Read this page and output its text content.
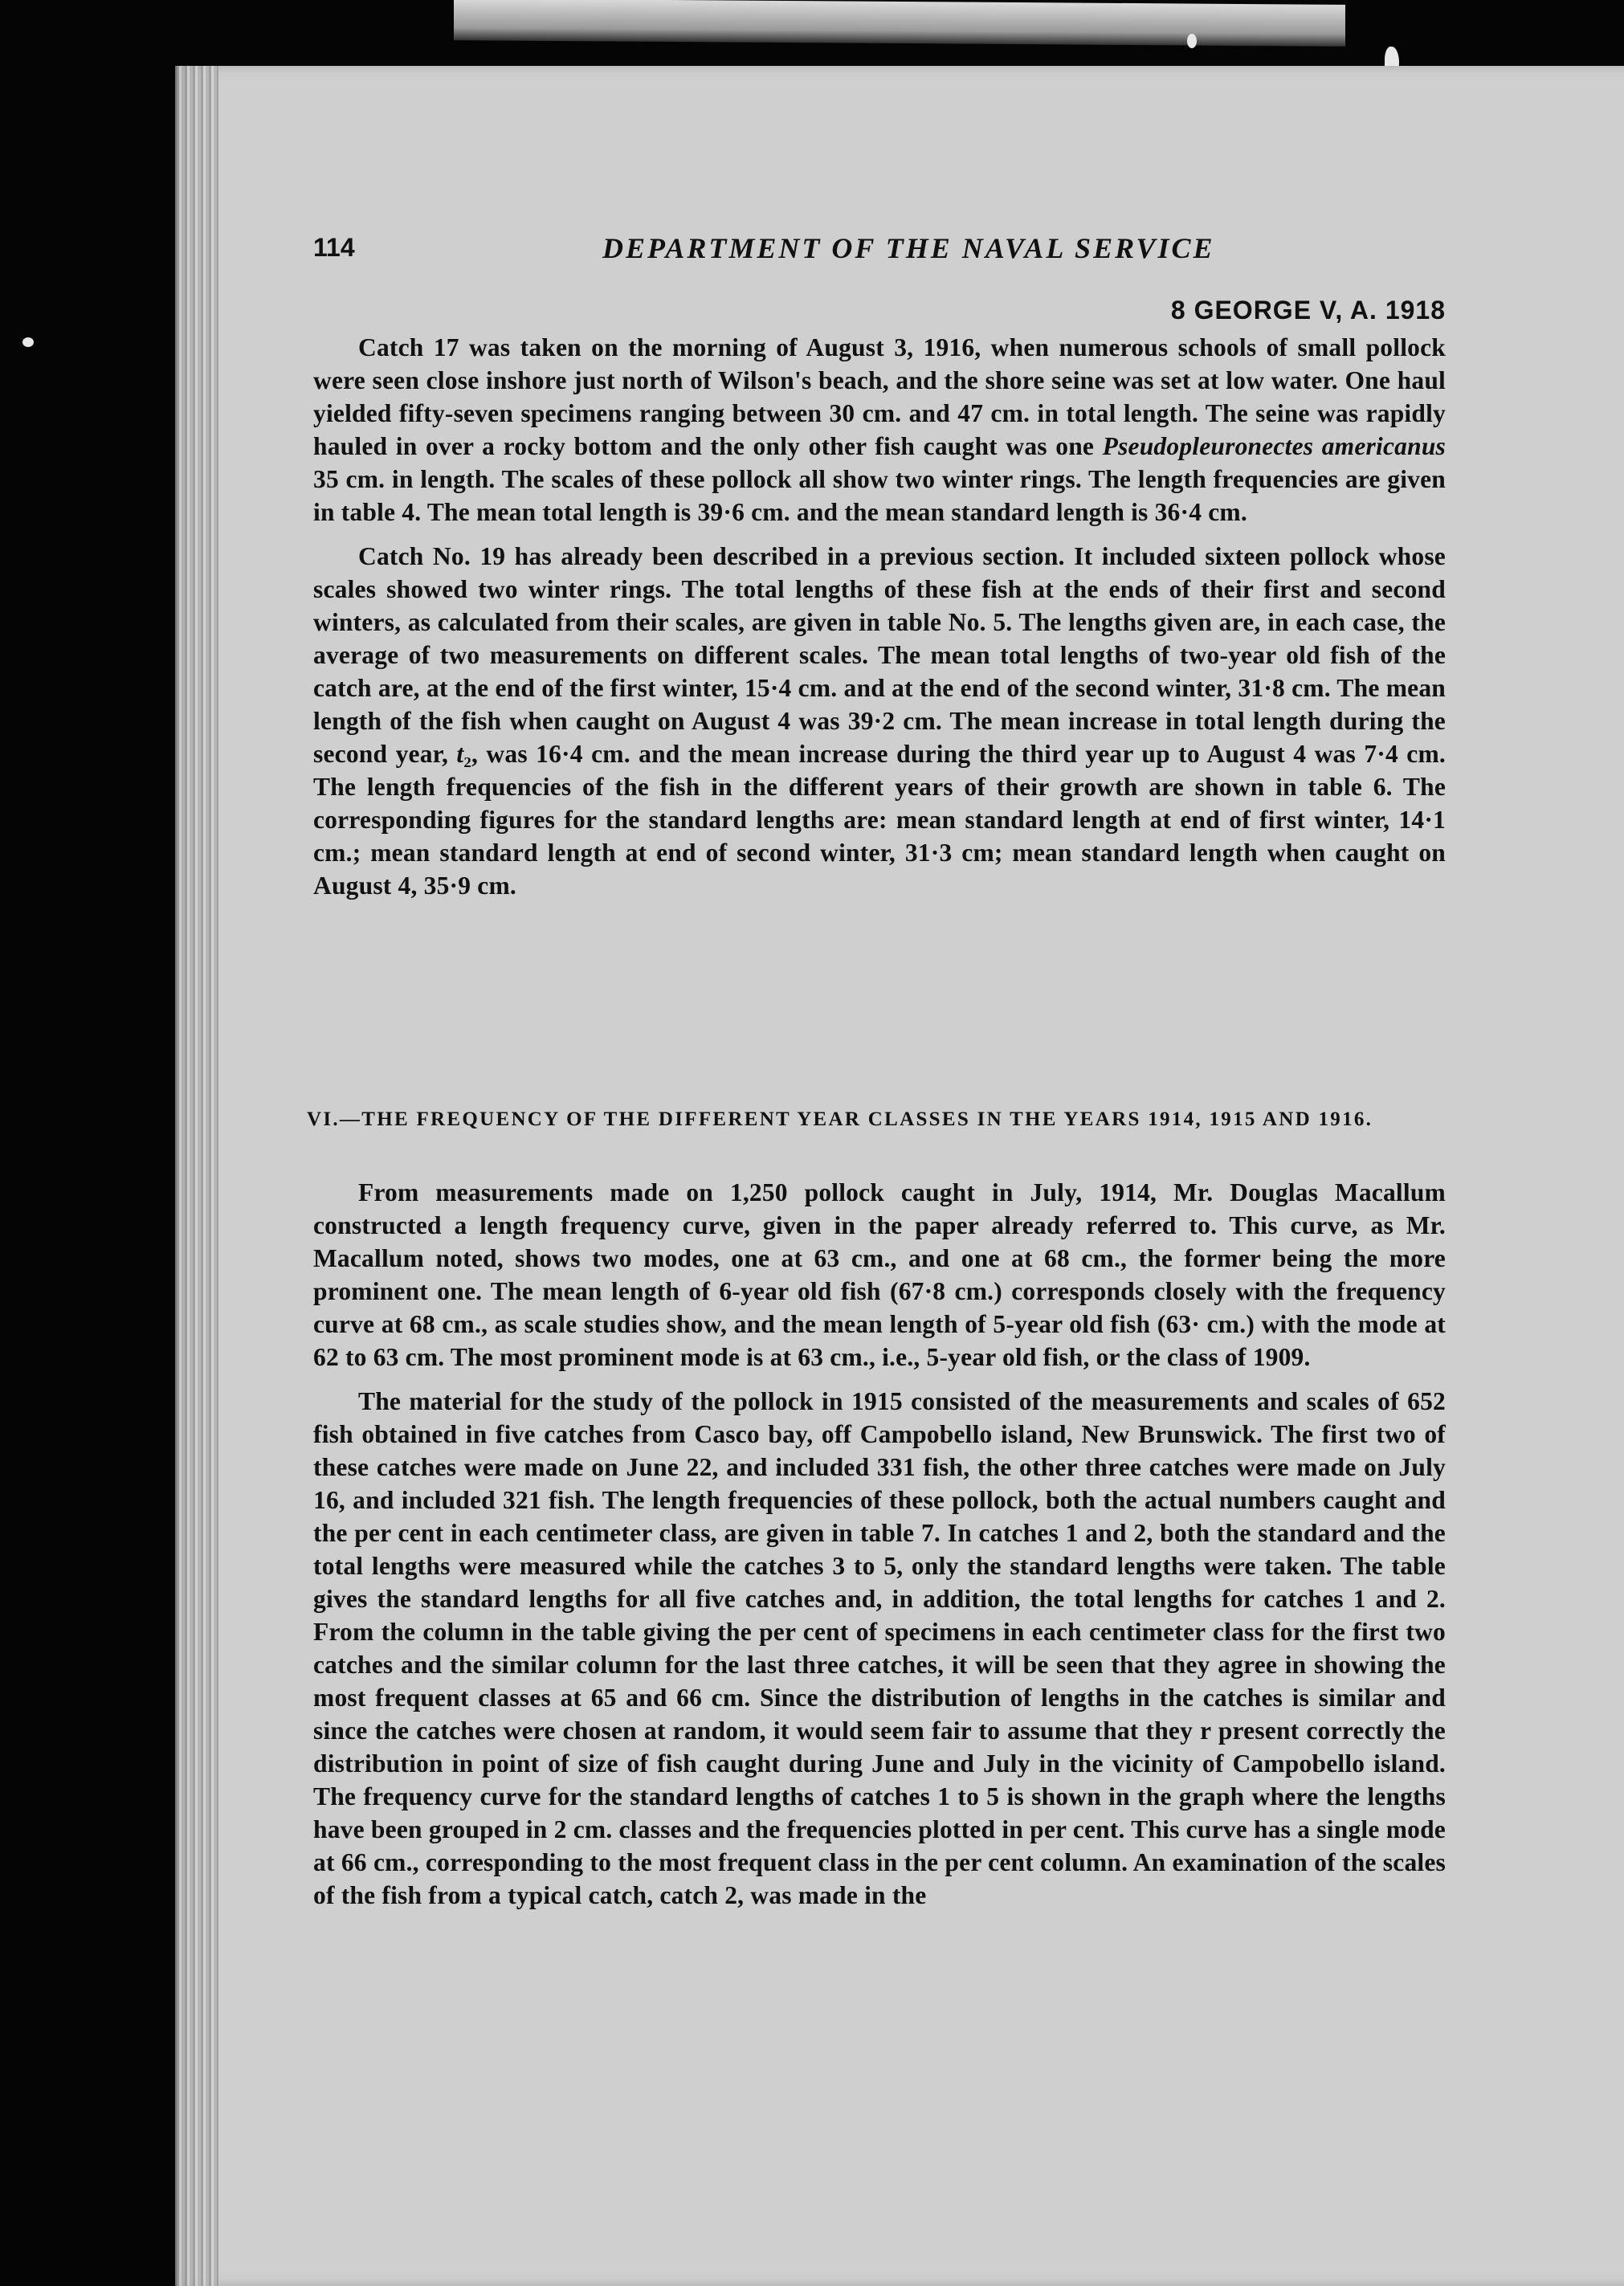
114	DEPARTMENT OF THE NAVAL SERVICE
8 GEORGE V, A. 1918

Catch 17 was taken on the morning of August 3, 1916, when numerous schools of small pollock were seen close inshore just north of Wilson's beach, and the shore seine was set at low water. One haul yielded fifty-seven specimens ranging between 30 cm. and 47 cm. in total length. The seine was rapidly hauled in over a rocky bottom and the only other fish caught was one Pseudopleuronectes americanus 35 cm. in length. The scales of these pollock all show two winter rings. The length frequencies are given in table 4. The mean total length is 39·6 cm. and the mean standard length is 36·4 cm.

Catch No. 19 has already been described in a previous section. It included sixteen pollock whose scales showed two winter rings. The total lengths of these fish at the ends of their first and second winters, as calculated from their scales, are given in table No. 5. The lengths given are, in each case, the average of two measurements on different scales. The mean total lengths of two-year old fish of the catch are, at the end of the first winter, 15·4 cm. and at the end of the second winter, 31·8 cm. The mean length of the fish when caught on August 4 was 39·2 cm. The mean increase in total length during the second year, t₂, was 16·4 cm. and the mean increase during the third year up to August 4 was 7·4 cm. The length frequencies of the fish in the different years of their growth are shown in table 6. The corresponding figures for the standard lengths are: mean standard length at end of first winter, 14·1 cm.; mean standard length at end of second winter, 31·3 cm; mean standard length when caught on August 4, 35·9 cm.

VI.—THE FREQUENCY OF THE DIFFERENT YEAR CLASSES IN THE YEARS 1914, 1915 AND 1916.

From measurements made on 1,250 pollock caught in July, 1914, Mr. Douglas Macallum constructed a length frequency curve, given in the paper already referred to. This curve, as Mr. Macallum noted, shows two modes, one at 63 cm., and one at 68 cm., the former being the more prominent one. The mean length of 6-year old fish (67·8 cm.) corresponds closely with the frequency curve at 68 cm., as scale studies show, and the mean length of 5-year old fish (63· cm.) with the mode at 62 to 63 cm. The most prominent mode is at 63 cm., i.e., 5-year old fish, or the class of 1909.

The material for the study of the pollock in 1915 consisted of the measurements and scales of 652 fish obtained in five catches from Casco bay, off Campobello island, New Brunswick. The first two of these catches were made on June 22, and included 331 fish, the other three catches were made on July 16, and included 321 fish. The length frequencies of these pollock, both the actual numbers caught and the per cent in each centimeter class, are given in table 7. In catches 1 and 2, both the standard and the total lengths were measured while the catches 3 to 5, only the standard lengths were taken. The table gives the standard lengths for all five catches and, in addition, the total lengths for catches 1 and 2. From the column in the table giving the per cent of specimens in each centimeter class for the first two catches and the similar column for the last three catches, it will be seen that they agree in showing the most frequent classes at 65 and 66 cm. Since the distribution of lengths in the catches is similar and since the catches were chosen at random, it would seem fair to assume that they r present correctly the distribution in point of size of fish caught during June and July in the vicinity of Campobello island. The frequency curve for the standard lengths of catches 1 to 5 is shown in the graph where the lengths have been grouped in 2 cm. classes and the frequencies plotted in per cent. This curve has a single mode at 66 cm., corresponding to the most frequent class in the per cent column. An examination of the scales of the fish from a typical catch, catch 2, was made in the
